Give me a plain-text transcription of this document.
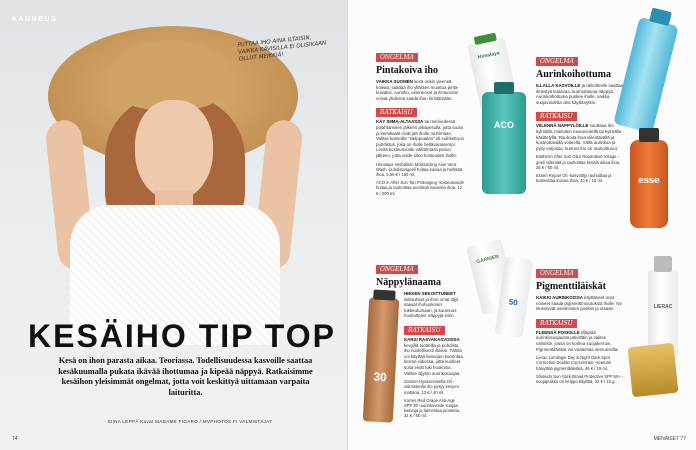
KAUNEUS
PUTTAA IHO AINA ILTAISIN, VAIKKA KÄVISILLA EI OLISIKAAN OLLUT MEIKKIÄ!
KESÄIHO TIP TOP
Kesä on ihon parasta aikaa. Teoriassa. Todellisuudessa kasvoille saattaa kesäkuumalla pukata ikävää ihottumaa ja kipeää näppyä. Ratkaisimme kesäihon yleisimmät ongelmat, jotta voit keskittyä uittamaan varpaita laituritta.
SIINA LEPPÄ Kuvat MADAME FIGARO / MVPHOTOS.FI VALMISTAJAT
74
Himalaya
ACO
esse
GARNIER
50
30
LIERAC
ONGELMA
Pintakoiva iho
VAIKKA SUOMEN kesä onkin yleensä koleaa, saattaa iho ylläräen muuttua pinta-kuivaksi. Aurinko, uimineosut ja ilmavoivat voivat yhdessä saada ihon kiristämään.
RATKAISU
KÄY SIIMA-ALTAASSA tai merivedessä pulahtamisen jälkeen pikapesulla, jotta suola ja kemikaalit eivät jää iholle muhimaan. Valitse kasvoille "sielppuaiten" eli suihkettoon puhdistus, joka on iholle hellävaraisempi. Levitä kosteusvoide välittömästi pesun jälkeen, jotta voide sitoo kosteuden iholle.
Himalaya Herbalism Moisturizing Aloe Vera Wash -puhdistusgeeli hoitaa kuivaa ja herkkää ihoa, 5,50 € / 150 ml.
ACO in After Sun Tan Prolonging -kosteusvoide hoitaa ja rauhoittaa aurinkoa saaneita ihoa, 12 € / 200 ml.
ONGELMA
Aurinkoihottuma
ILLALLA KASVOILLE ja dekolteelle saattaa ilmestyä kutiavaa, kuumottavaa näppyä. Aurinkoihottuma puskee iholle, vaikka suojavoidetta olisi käyttänytkin.
RATKAISU
VIILENNÄ NÄPPYLÖILLE suuttaaa iho kylmällä, mieluiten ruusuvedellä tai kylmällä käsittelyllä. Rauhoita ihoa viilentävällä ja kosteuttavalla voiteella. Vältä aurinkoa ja pysy varjossa, kunnes iho on rauhoittunut.
Biotherm After Sun Oleo Reparative Visage -geeli viilentää ja rauhoittaa kesäiä aikaa ihoa, 26 € / 50 ml.
Essen Repair Oil -kasvoöljy rauhoittaa ja kosteuttaa kuivaa ihoa, 43 € / 15 ml.
ONGELMA
Näppylänaama
HIEKEN SEKOITTUNEET talirauhset ja ihon omat öljyt saavat ihohuokoset tukkeutumaan, ja kuumuus houkuttelee näppyjä esiin.
RATKAISU
KARSI RASVAKASVOISSA kevyillä tuotteilla ja puhdista iho huolellisesti iltaisin. Tähän voi käyttää kasvojen kuorintaa kerran viikossa, jotta kuolleet solut eivät tuki huokosia. Valitse öljytön aurinkosuojaa.
Garnier Hyaluronisella Oil -valmisteella iho pysyy kevyen mattana, 13 € / 40 ml.
Korres Red Grape Anti-Age SPF 30 -aurinkovoide suojaa kasvoja ja laimentaa juonteita, 31 € / 50 ml.
ONGELMA
Pigmenttiläiskät
KAIKKI AURINKOISSA käyttäneet ovat voineet saada pigmenttimuutoksia iholle. Ne ilmestyvät useimmiten poskiin ja otsaan.
RATKAISU
FLEENSÄ POSKILLE ylläpidä aurinkosuojausta päivittäin ja valitse valmiste, jossa on korkea suojakerroin. Pigmenttiläiskiä voi vaalentaa seerumeilla.
Lierac Lumilogie Day & Night Dark Spot Correction Double Concentrate -seerumi häivyttää pigmenttiläiskiä, 46 € / 15 ml.
Shiseido Sun Stick Broad Protective SPF 50+ -suojapuikko on helppo käyttää, 32 € / 15 g.
MENAISET 77
